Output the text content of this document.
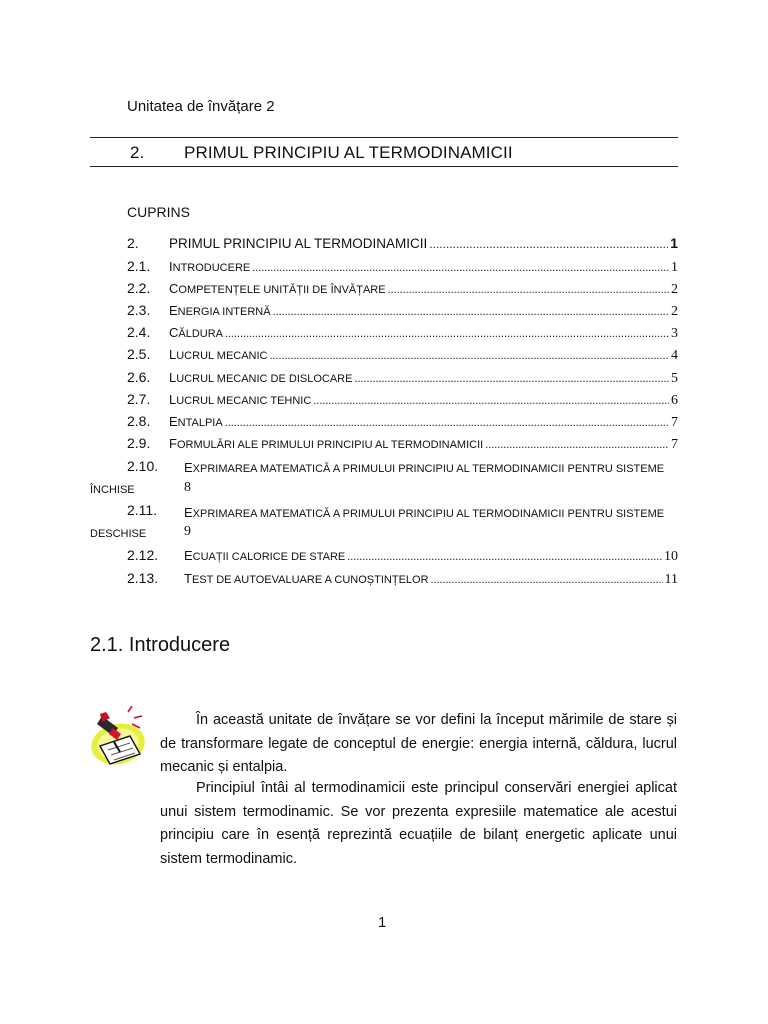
Unitatea de învățare 2
2. PRIMUL PRINCIPIU AL TERMODINAMICII
CUPRINS
2.	PRIMUL PRINCIPIU AL TERMODINAMICII .....	1
2.1.	INTRODUCERE .....	1
2.2.	COMPETENȚELE UNITĂȚII DE ÎNVĂȚARE .....	2
2.3.	ENERGIA INTERNĂ .....	2
2.4.	CĂLDURA .....	3
2.5.	LUCRUL MECANIC .....	4
2.6.	LUCRUL MECANIC DE DISLOCARE .....	5
2.7.	LUCRUL MECANIC TEHNIC .....	6
2.8.	ENTALPIA .....	7
2.9.	FORMULĂRI ALE PRIMULUI PRINCIPIU AL TERMODINAMICII .....	7
2.10. EXPRIMAREA MATEMATICĂ A PRIMULUI PRINCIPIU AL TERMODINAMICII PENTRU SISTEME
ÎNCHISE	8
2.11. EXPRIMAREA MATEMATICĂ A PRIMULUI PRINCIPIU AL TERMODINAMICII PENTRU SISTEME
DESCHISE	9
2.12.	ECUAȚII CALORICE DE STARE .....	10
2.13.	TEST DE AUTOEVALUARE A CUNOȘTINȚELOR .....	11
2.1. Introducere

În această unitate de învățare se vor defini la început mărimile de stare și de transformare legate de conceptul de energie: energia internă, căldura, lucrul mecanic și entalpia.

Principiul întâi al termodinamicii este principul conservări energiei aplicat unui sistem termodinamic. Se vor prezenta expresiile matematice ale acestui principiu care în esență reprezintă ecuațiile de bilanț energetic aplicate unui sistem termodinamic.

1
